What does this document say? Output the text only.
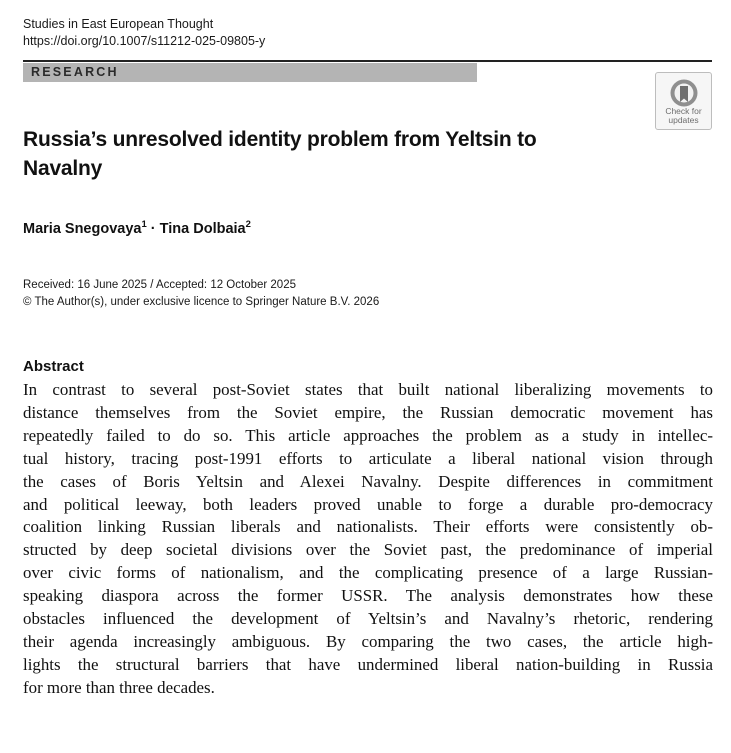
Studies in East European Thought
https://doi.org/10.1007/s11212-025-09805-y
RESEARCH
Check for
updates
Russia’s unresolved identity problem from Yeltsin to
Navalny
Maria Snegovaya$^1$ · Tina Dolbaia$^2$
Received: 16 June 2025 / Accepted: 12 October 2025
© The Author(s), under exclusive licence to Springer Nature B.V. 2026
Abstract
In contrast to several post-Soviet states that built national liberalizing movements to
distance themselves from the Soviet empire, the Russian democratic movement has
repeatedly failed to do so. This article approaches the problem as a study in intellec-
tual history, tracing post-1991 efforts to articulate a liberal national vision through
the cases of Boris Yeltsin and Alexei Navalny. Despite differences in commitment
and political leeway, both leaders proved unable to forge a durable pro-democracy
coalition linking Russian liberals and nationalists. Their efforts were consistently ob-
structed by deep societal divisions over the Soviet past, the predominance of imperial
over civic forms of nationalism, and the complicating presence of a large Russian-
speaking diaspora across the former USSR. The analysis demonstrates how these
obstacles influenced the development of Yeltsin’s and Navalny’s rhetoric, rendering
their agenda increasingly ambiguous. By comparing the two cases, the article high-
lights the structural barriers that have undermined liberal nation-building in Russia
for more than three decades.
